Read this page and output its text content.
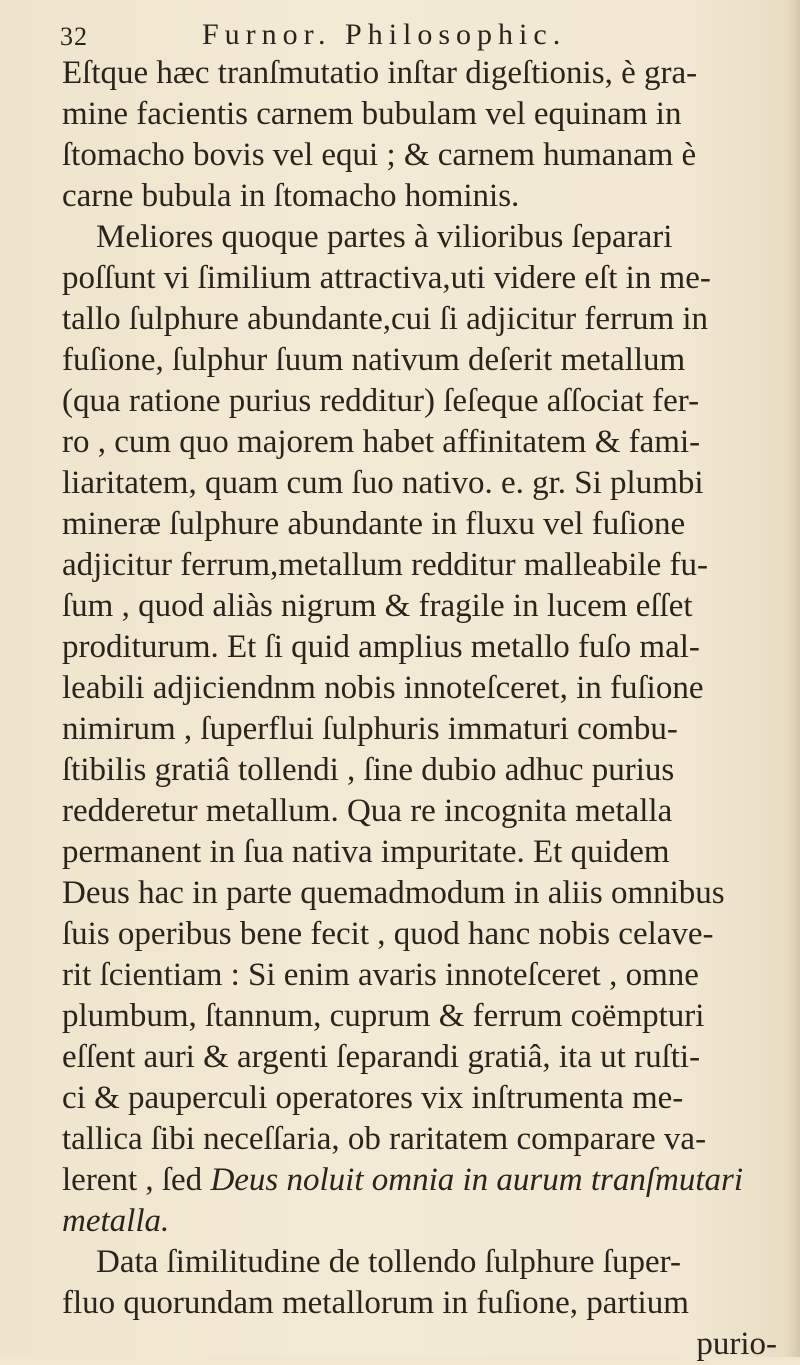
32	Furnor. Philosophic.
Eſtque hæc tranſmutatio inſtar digeſtionis, è gra-
mine facientis carnem bubulam vel equinam in
ſtomacho bovis vel equi ; & carnem humanam è
carne bubula in ſtomacho hominis.
Meliores quoque partes à vilioribus ſeparari
poſſunt vi ſimilium attractiva,uti videre eſt in me-
tallo ſulphure abundante,cui ſi adjicitur ferrum in
fuſione, ſulphur ſuum nativum deſerit metallum
(qua ratione purius redditur) ſeſeque aſſociat fer-
ro , cum quo majorem habet affinitatem & fami-
liaritatem, quam cum ſuo nativo. e. gr. Si plumbi
mineræ ſulphure abundante in fluxu vel fuſione
adjicitur ferrum,metallum redditur malleabile fu-
ſum , quod aliàs nigrum & fragile in lucem eſſet
proditurum. Et ſi quid amplius metallo fuſo mal-
leabili adjiciendnm nobis innoteſceret, in fuſione
nimirum , ſuperflui ſulphuris immaturi combu-
ſtibilis gratiâ tollendi , ſine dubio adhuc purius
redderetur metallum. Qua re incognita metalla
permanent in ſua nativa impuritate. Et quidem
Deus hac in parte quemadmodum in aliis omnibus
ſuis operibus bene fecit , quod hanc nobis celave-
rit ſcientiam : Si enim avaris innoteſceret , omne
plumbum, ſtannum, cuprum & ferrum coëmpturi
eſſent auri & argenti ſeparandi gratiâ, ita ut ruſti-
ci & pauperculi operatores vix inſtrumenta me-
tallica ſibi neceſſaria, ob raritatem comparare va-
lerent , ſed Deus noluit omnia in aurum tranſmutari
metalla.
Data ſimilitudine de tollendo ſulphure ſuper-
fluo quorundam metallorum in fuſione, partium
purio-
